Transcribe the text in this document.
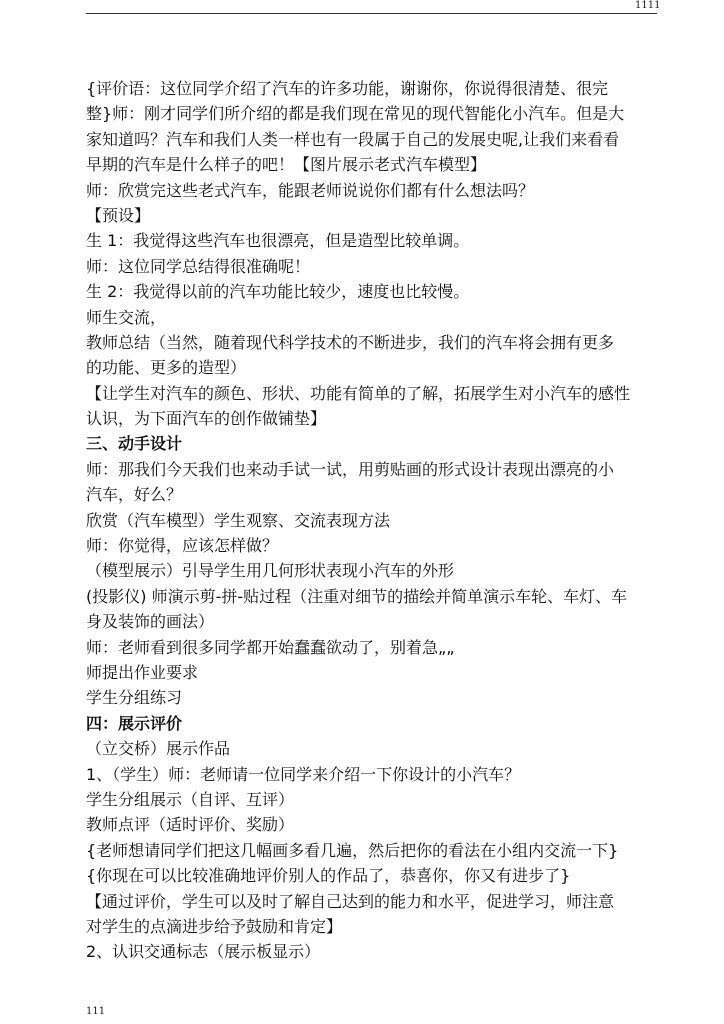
1111
{评价语：这位同学介绍了汽车的许多功能，谢谢你，你说得很清楚、很完
整}师：刚才同学们所介绍的都是我们现在常见的现代智能化小汽车。但是大
家知道吗？汽车和我们人类一样也有一段属于自己的发展史呢,让我们来看看
早期的汽车是什么样子的吧！【图片展示老式汽车模型】
师：欣赏完这些老式汽车，能跟老师说说你们都有什么想法吗？
【预设】
生 1：我觉得这些汽车也很漂亮，但是造型比较单调。
师：这位同学总结得很准确呢！
生 2：我觉得以前的汽车功能比较少，速度也比较慢。
师生交流，
教师总结（当然，随着现代科学技术的不断进步，我们的汽车将会拥有更多
的功能、更多的造型）
【让学生对汽车的颜色、形状、功能有简单的了解，拓展学生对小汽车的感性
认识，为下面汽车的创作做铺垫】
三、动手设计
师：那我们今天我们也来动手试一试，用剪贴画的形式设计表现出漂亮的小
汽车，好么？
欣赏（汽车模型）学生观察、交流表现方法
师：你觉得，应该怎样做？
（模型展示）引导学生用几何形状表现小汽车的外形
(投影仪) 师演示剪-拼-贴过程（注重对细节的描绘并简单演示车轮、车灯、车
身及装饰的画法）
师：老师看到很多同学都开始蠢蠢欲动了，别着急„„
师提出作业要求
学生分组练习
四：展示评价
（立交桥）展示作品
1、（学生）师：老师请一位同学来介绍一下你设计的小汽车？
学生分组展示（自评、互评）
教师点评（适时评价、奖励）
{老师想请同学们把这几幅画多看几遍，然后把你的看法在小组内交流一下}
{你现在可以比较准确地评价别人的作品了，恭喜你，你又有进步了}
【通过评价，学生可以及时了解自己达到的能力和水平，促进学习，师注意
对学生的点滴进步给予鼓励和肯定】
2、认识交通标志（展示板显示）
111
